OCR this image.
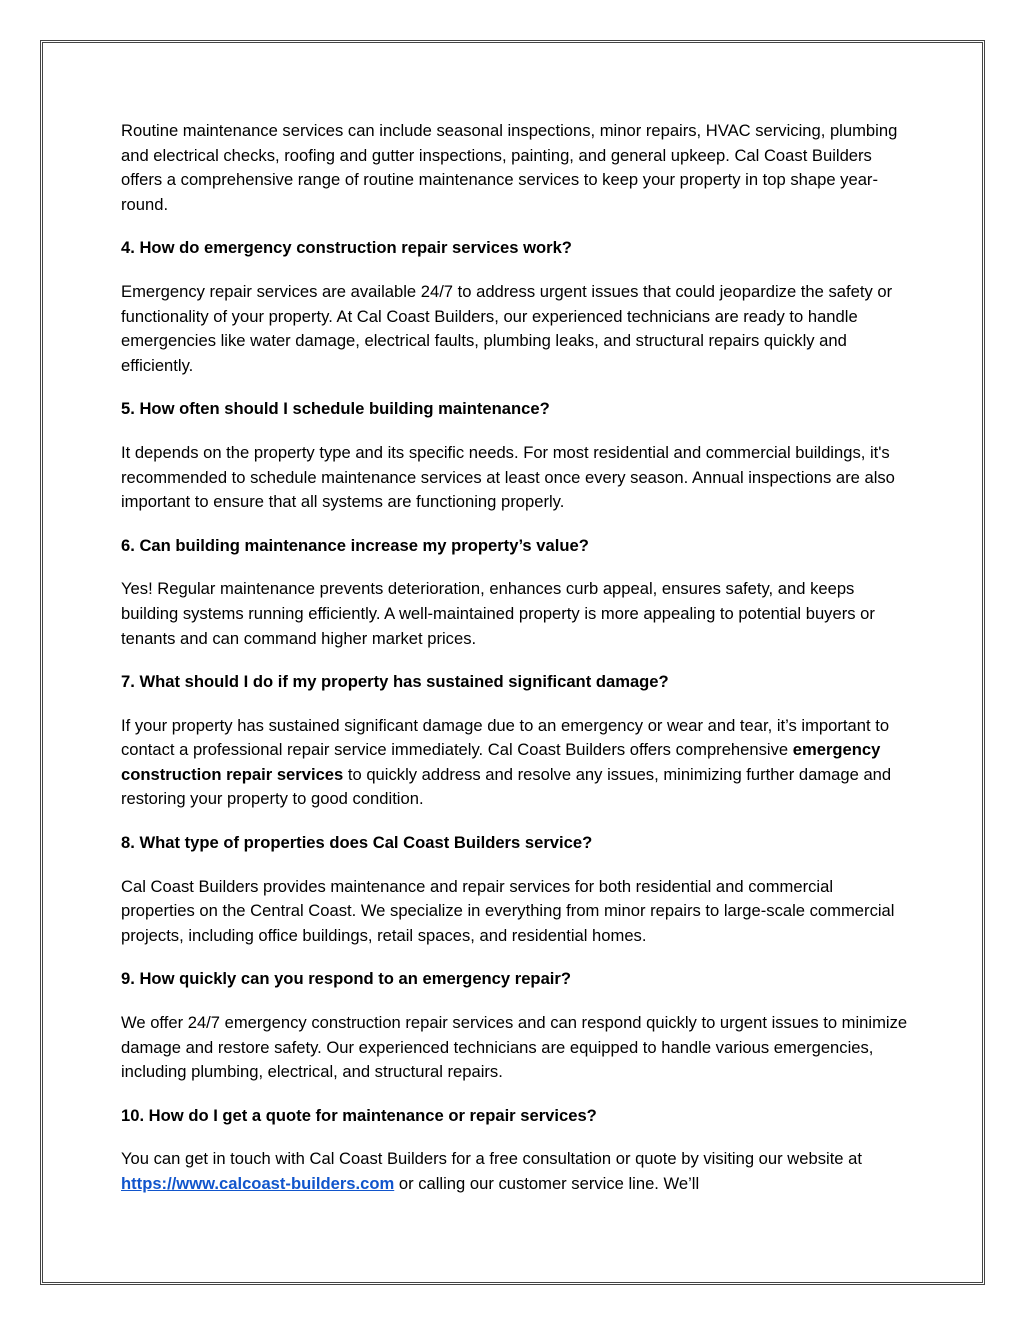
Routine maintenance services can include seasonal inspections, minor repairs, HVAC servicing, plumbing and electrical checks, roofing and gutter inspections, painting, and general upkeep. Cal Coast Builders offers a comprehensive range of routine maintenance services to keep your property in top shape year-round.

4. How do emergency construction repair services work?

Emergency repair services are available 24/7 to address urgent issues that could jeopardize the safety or functionality of your property. At Cal Coast Builders, our experienced technicians are ready to handle emergencies like water damage, electrical faults, plumbing leaks, and structural repairs quickly and efficiently.

5. How often should I schedule building maintenance?

It depends on the property type and its specific needs. For most residential and commercial buildings, it's recommended to schedule maintenance services at least once every season. Annual inspections are also important to ensure that all systems are functioning properly.

6. Can building maintenance increase my property’s value?

Yes! Regular maintenance prevents deterioration, enhances curb appeal, ensures safety, and keeps building systems running efficiently. A well-maintained property is more appealing to potential buyers or tenants and can command higher market prices.

7. What should I do if my property has sustained significant damage?

If your property has sustained significant damage due to an emergency or wear and tear, it’s important to contact a professional repair service immediately. Cal Coast Builders offers comprehensive emergency construction repair services to quickly address and resolve any issues, minimizing further damage and restoring your property to good condition.

8. What type of properties does Cal Coast Builders service?

Cal Coast Builders provides maintenance and repair services for both residential and commercial properties on the Central Coast. We specialize in everything from minor repairs to large-scale commercial projects, including office buildings, retail spaces, and residential homes.

9. How quickly can you respond to an emergency repair?

We offer 24/7 emergency construction repair services and can respond quickly to urgent issues to minimize damage and restore safety. Our experienced technicians are equipped to handle various emergencies, including plumbing, electrical, and structural repairs.

10. How do I get a quote for maintenance or repair services?

You can get in touch with Cal Coast Builders for a free consultation or quote by visiting our website at https://www.calcoast-builders.com or calling our customer service line. We’ll
